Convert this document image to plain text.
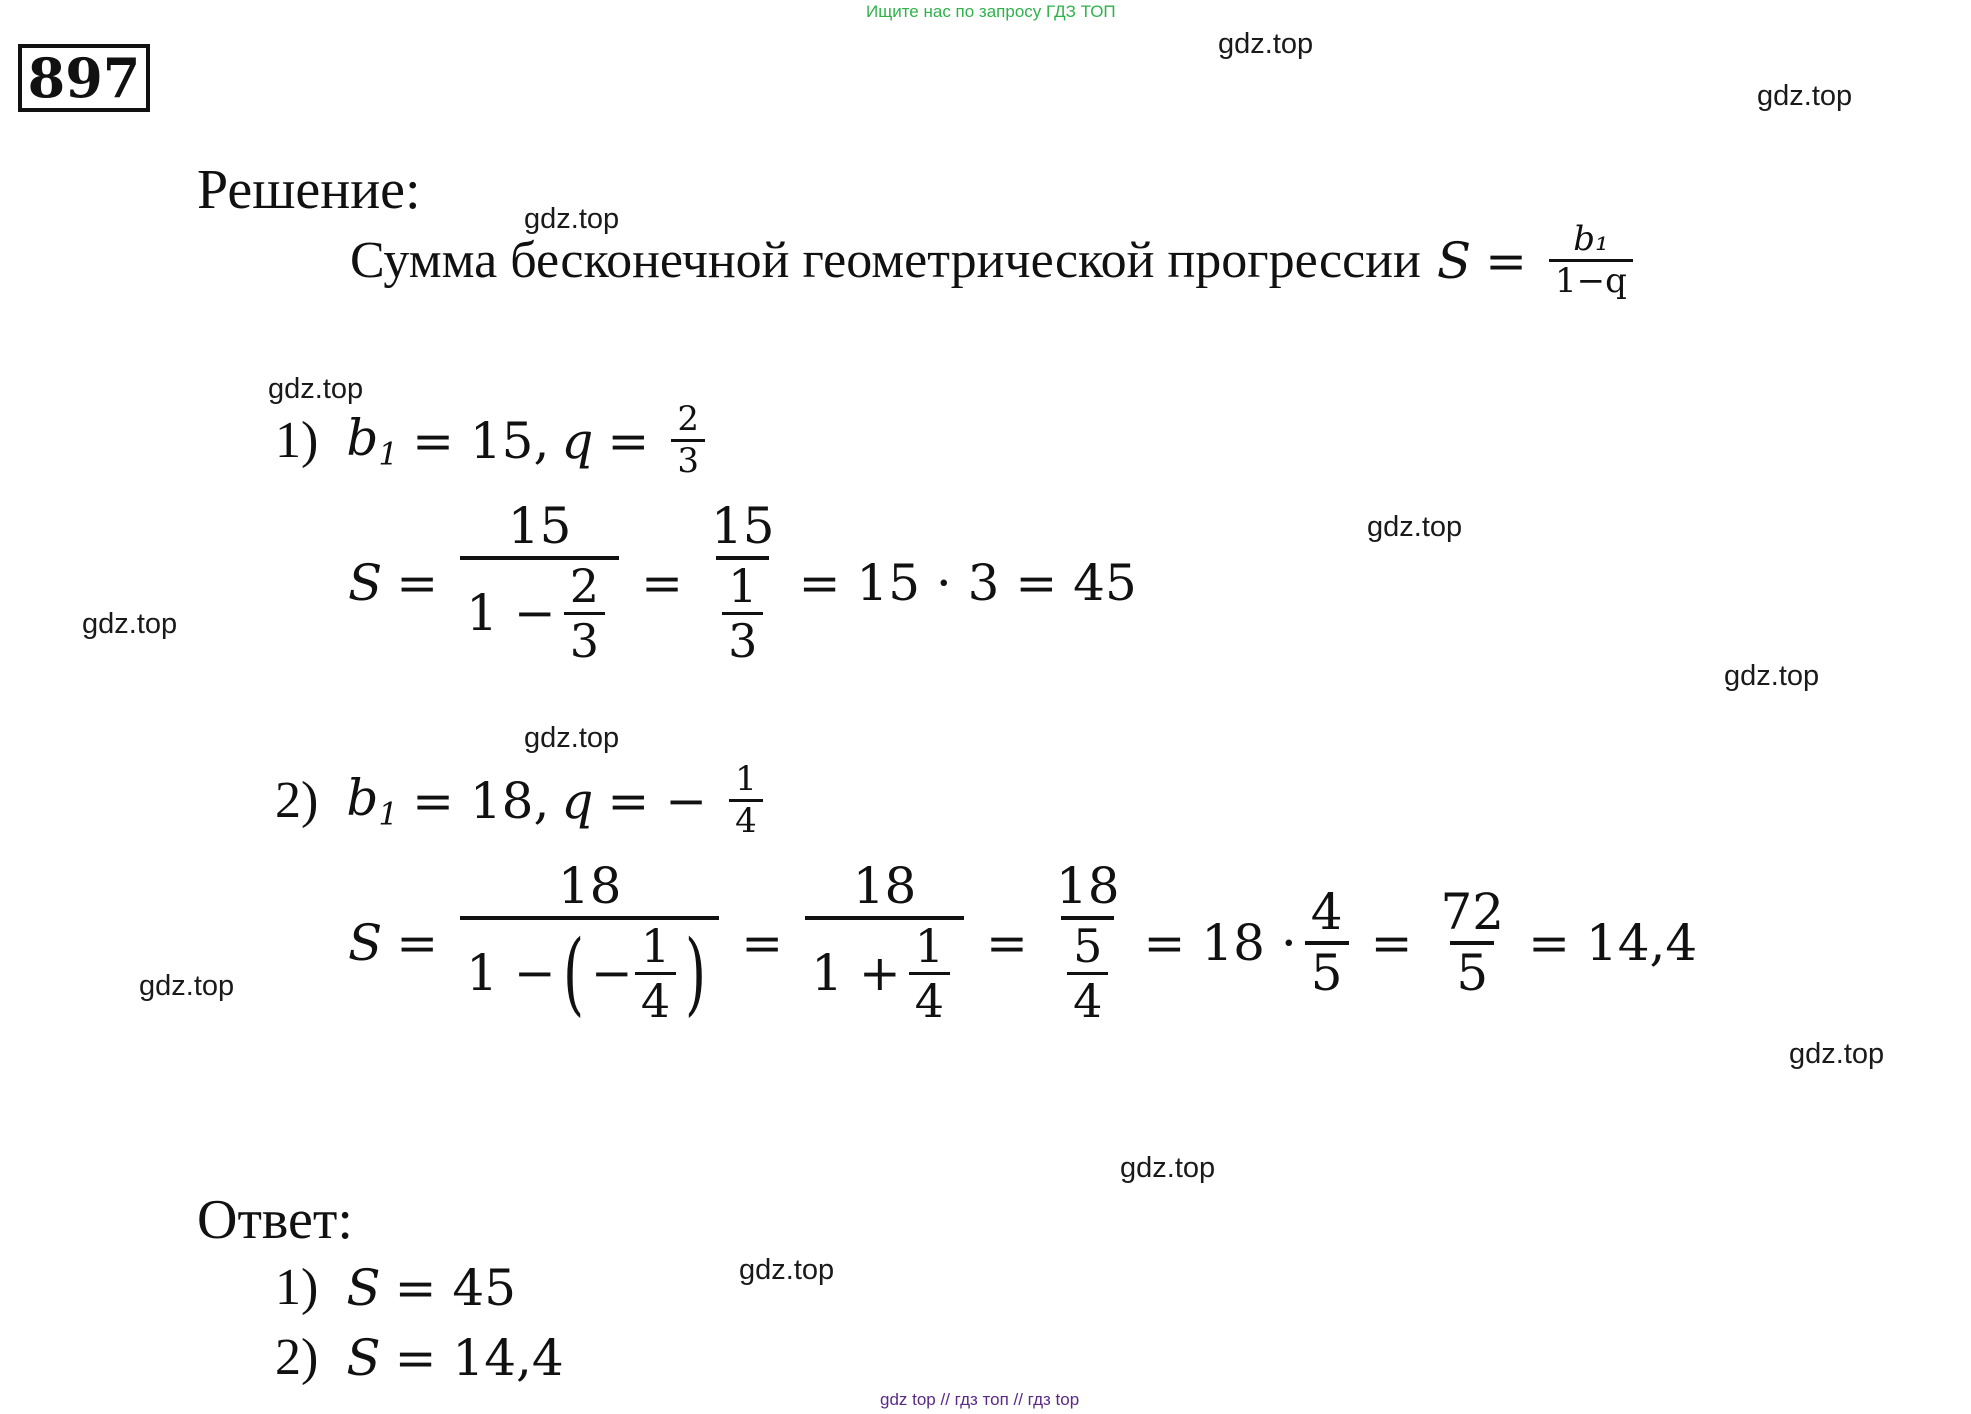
Ищите нас по запросу ГДЗ ТОП
897
gdz.top
gdz.top
gdz.top
gdz.top
gdz.top
gdz.top
gdz.top
gdz.top
gdz.top
gdz.top
gdz.top
gdz.top
Решение:
Сумма бесконечной геометрической прогрессии $S = \frac{\text{b₁}}{1-q}$
1) $b_1 = 15$, $q = \frac{2}{3}$
$S = \frac{15}{1 - \frac{2}{3}} = \frac{15}{\frac{1}{3}} = 15 \cdot 3 = 45$
2) $b_1 = 18$, q = − $\frac{1}{4}$
S =
18
1 − ( − $\frac{1}{4}$ ) = $\frac{18}{1 + \frac{1}{4}} = \frac{18}{\frac{5}{4}} = 18 \cdot \frac{4}{5} = \frac{72}{5} = 14,4$
Ответ:
1) S = 45
2) S = 14,4
gdz top // гдз топ // гдз top
